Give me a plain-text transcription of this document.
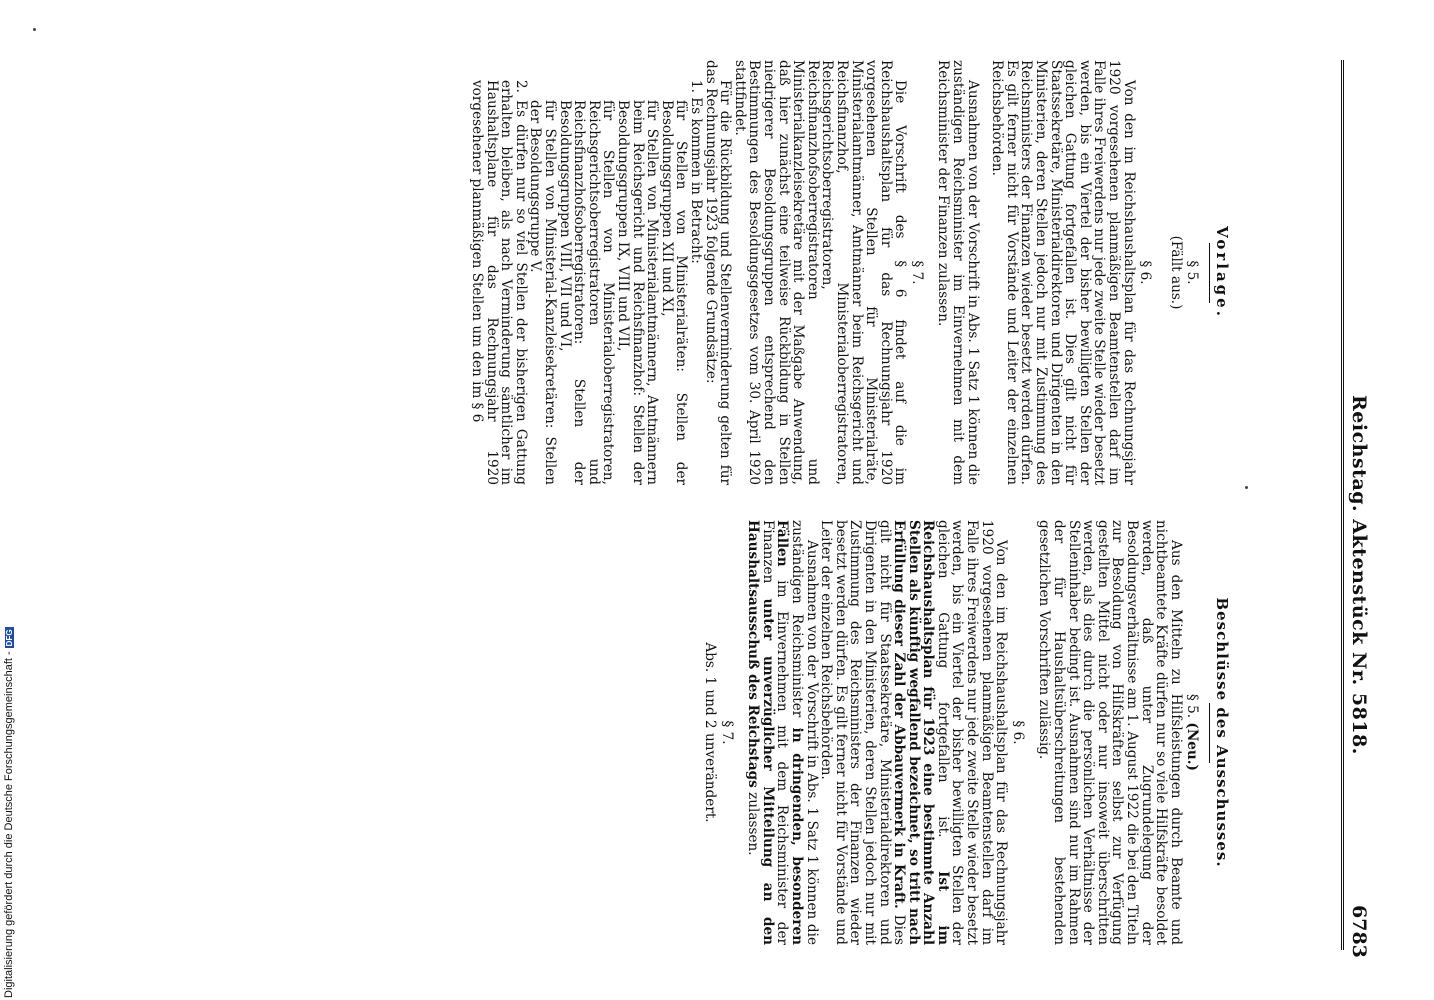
Reichstag. Aktenstück Nr. 5818.
6783
Vorlage.
§ 5.
(Fällt aus.)
§ 6.

Von den im Reichshaushaltsplan für das Rechnungsjahr 1920 vorgesehenen planmäßigen Beamtenstellen darf im Falle ihres Freiwerdens nur jede zweite Stelle wieder besetzt werden, bis ein Viertel der bisher bewilligten Stellen der gleichen Gattung fortgefallen ist. Dies gilt nicht für Staatssekretäre, Ministerialdirektoren und Dirigenten in den Ministerien, deren Stellen jedoch nur mit Zustimmung des Reichsministers der Finanzen wieder besetzt werden dürfen. Es gilt ferner nicht für Vorstände und Leiter der einzelnen Reichsbehörden.

Ausnahmen von der Vorschrift in Abs. 1 Satz 1 können die zuständigen Reichsminister im Einvernehmen mit dem Reichsminister der Finanzen zulassen.

§ 7.

Die Vorschrift des § 6 findet auf die im Reichshaushaltsplan für das Rechnungsjahr 1920 vorgesehenen Stellen für Ministerialräte, Ministerialamtmänner, Amtmänner beim Reichsgericht und Reichsfinanzhof, Ministerialoberregistratoren, Reichsgerichtsoberregistratoren, Reichsfinanzhofsoberregistratoren und Ministerialkanzleisekretäre mit der Maßgabe Anwendung, daß hier zunächst eine teilweise Rückbildung in Stellen niedrigerer Besoldungsgruppen entsprechend den Bestimmungen des Besoldungsgesetzes vom 30. April 1920 stattfindet.

Für die Rückbildung und Stellenverminderung gelten für das Rechnungsjahr 1923 folgende Grundsätze:

1. Es kommen in Betracht:
für Stellen von Ministerialräten: Stellen der Besoldungsgruppen XII und XI,
für Stellen von Ministerialamtmännern, Amtmännern beim Reichsgericht und Reichsfinanzhof: Stellen der Besoldungsgruppen IX, VIII und VII,
für Stellen von Ministerialoberregistratoren, Reichsgerichtsoberregistratoren und Reichsfinanzhofsoberregistratoren: Stellen der Besoldungsgruppen VIII, VII und VI,
für Stellen von Ministerial-Kanzleisekretären: Stellen der Besoldungsgruppe V.
2. Es dürfen nur so viel Stellen der bisherigen Gattung erhalten bleiben, als nach Verminderung sämtlicher im Haushaltsplane für das Rechnungsjahr 1920 vorgesehener planmäßigen Stellen um den im § 6
Beschlüsse des Ausschusses.
§ 5. (Neu.)

Aus den Mitteln zu Hilfsleistungen durch Beamte und nichtbeamtete Kräfte dürfen nur so viele Hilfskräfte besoldet werden, daß unter Zugrundelegung der Besoldungsverhältnisse am 1. August 1922 die bei den Titeln zur Besoldung von Hilfskräften selbst zur Verfügung gestellten Mittel nicht oder nur insoweit überschritten werden, als dies durch die persönlichen Verhältnisse der Stelleninhaber bedingt ist. Ausnahmen sind nur im Rahmen der für Haushaltsüberschreitungen bestehenden gesetzlichen Vorschriften zulässig.

§ 6.

Von den im Reichshaushaltsplan für das Rechnungsjahr 1920 vorgesehenen planmäßigen Beamtenstellen darf im Falle ihres Freiwerdens nur jede zweite Stelle wieder besetzt werden, bis ein Viertel der bisher bewilligten Stellen der gleichen Gattung fortgefallen ist. Ist im Reichshaushaltsplan für 1923 eine bestimmte Anzahl Stellen als künftig wegfallend bezeichnet, so tritt nach Erfüllung dieser Zahl der Abbauvermerk in Kraft. Dies gilt nicht für Staatssekretäre, Ministerialdirektoren und Dirigenten in den Ministerien, deren Stellen jedoch nur mit Zustimmung des Reichsministers der Finanzen wieder besetzt werden dürfen. Es gilt ferner nicht für Vorstände und Leiter der einzelnen Reichsbehörden.

Ausnahmen von der Vorschrift in Abs. 1 Satz 1 können die zuständigen Reichsminister in dringenden, besonderen Fällen im Einvernehmen mit dem Reichsminister der Finanzen unter unverzüglicher Mitteilung an den Haushaltsausschuß des Reichstags zulassen.

§ 7.
Abs. 1 und 2 unverändert.
Digitalisierung gefördert durch die Deutsche Forschungsgemeinschaft -DFG
